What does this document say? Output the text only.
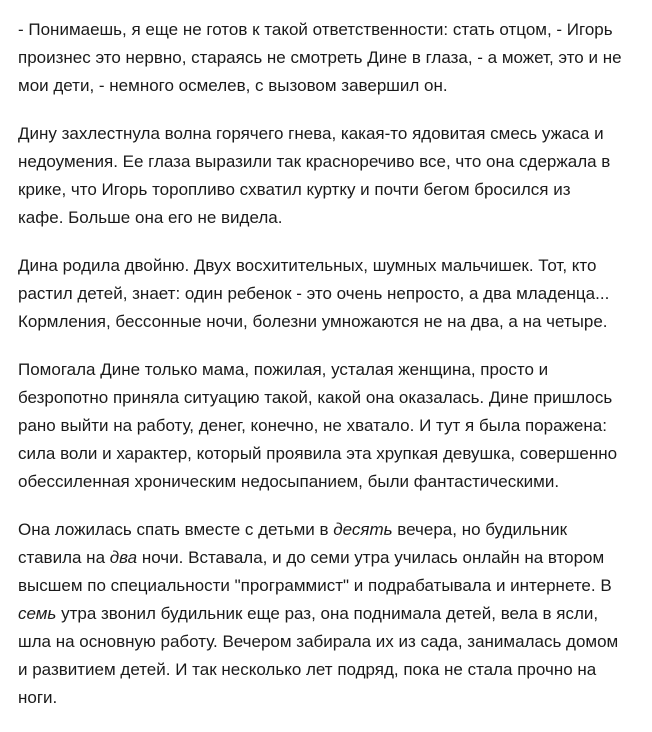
- Понимаешь, я еще не готов к такой ответственности: стать отцом, - Игорь
произнес это нервно, стараясь не смотреть Дине в глаза, - а может, это и не
мои дети, - немного осмелев, с вызовом завершил он.

Дину захлестнула волна горячего гнева, какая-то ядовитая смесь ужаса и
недоумения. Ее глаза выразили так красноречиво все, что она сдержала в
крике, что Игорь торопливо схватил куртку и почти бегом бросился из
кафе. Больше она его не видела.

Дина родила двойню. Двух восхитительных, шумных мальчишек. Тот, кто
растил детей, знает: один ребенок - это очень непросто, а два младенца...
Кормления, бессонные ночи, болезни умножаются не на два, а на четыре.

Помогала Дине только мама, пожилая, усталая женщина, просто и
безропотно приняла ситуацию такой, какой она оказалась. Дине пришлось
рано выйти на работу, денег, конечно, не хватало. И тут я была поражена:
сила воли и характер, который проявила эта хрупкая девушка, совершенно
обессиленная хроническим недосыпанием, были фантастическими.

Она ложилась спать вместе с детьми в десять вечера, но будильник
ставила на два ночи. Вставала, и до семи утра училась онлайн на втором
высшем по специальности "программист" и подрабатывала и интернете. В
семь утра звонил будильник еще раз, она поднимала детей, вела в ясли,
шла на основную работу. Вечером забирала их из сада, занималась домом
и развитием детей. И так несколько лет подряд, пока не стала прочно на
ноги.
